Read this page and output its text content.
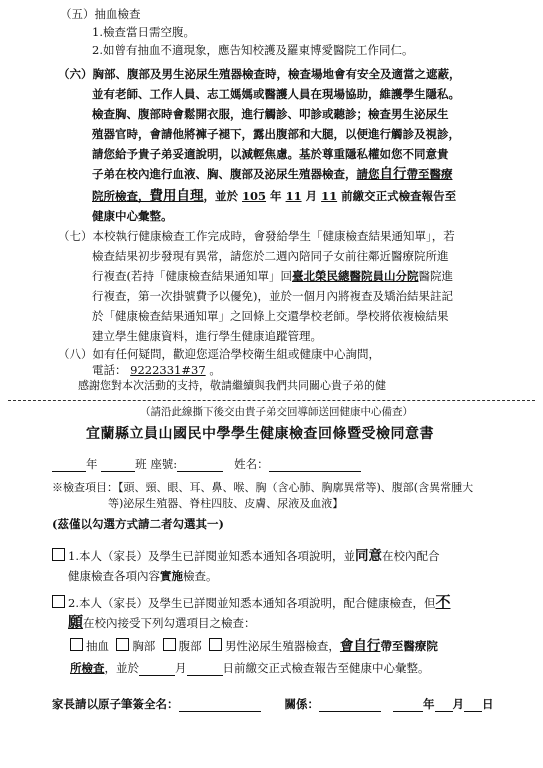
（五）抽血檢查
1.檢查當日需空腹。
2.如曾有抽血不適現象，應告知校護及羅東博愛醫院工作同仁。
（六）胸部、腹部及男生泌尿生殖器檢查時，檢查場地會有安全及適當之遮蔽，
並有老師、工作人員、志工媽媽或醫護人員在現場協助，維護學生隱私。
檢查胸、腹部時會鬆開衣服，進行觸診、叩診或聽診；檢查男生泌尿生
殖器官時，會請他將褲子褪下，露出腹部和大腿，以便進行觸診及視診，
請您給予貴子弟妥適說明，以減輕焦慮。基於尊重隱私權如您不同意貴
子弟在校內進行血液、胸、腹部及泌尿生殖器檢查，請您自行帶至醫療
院所檢查，費用自理，並於 105 年 11 月 11 前繳交正式檢查報告至
健康中心彙整。
（七）本校執行健康檢查工作完成時，會發給學生「健康檢查結果通知單」，若
檢查結果初步發現有異常，請您於二週內陪同子女前往鄰近醫療院所進
行複查(若持「健康檢查結果通知單」回臺北榮民總醫院員山分院醫院進
行複查，第一次掛號費予以優免)，並於一個月內將複查及矯治結果註記
於「健康檢查結果通知單」之回條上交還學校老師。學校將依複檢結果
建立學生健康資料，進行學生健康追蹤管理。
（八）如有任何疑問，歡迎您逕洽學校衛生組或健康中心詢問，
電話： 9222331#37 。
感謝您對本次活動的支持，敬請繼續與我們共同關心貴子弟的健
（請沿此線撕下後交由貴子弟交回導師送回健康中心備查）
宜蘭縣立員山國民中學學生健康檢查回條暨受檢同意書
年	班 座號:	姓名：
※檢查項目：【頭、頸、眼、耳、鼻、喉、胸（含心肺、胸廓異常等)、腹部(含異常腫大
等)泌尿生殖器、脊柱四肢、皮膚、尿液及血液】
(茲僅以勾選方式請二者勾選其一)
1.本人（家長）及學生已詳閱並知悉本通知各項說明，並同意在校內配合
健康檢查各項內容實施檢查。
2.本人（家長）及學生已詳閱並知悉本通知各項說明，配合健康檢查，但不
願在校內接受下列勾選項目之檢查：
抽血 胸部 腹部 男性泌尿生殖器檢查，會自行帶至醫療院
所檢查，並於	月	日前繳交正式檢查報告至健康中心彙整。
家長請以原子筆簽全名：	關係：	年 月 日
